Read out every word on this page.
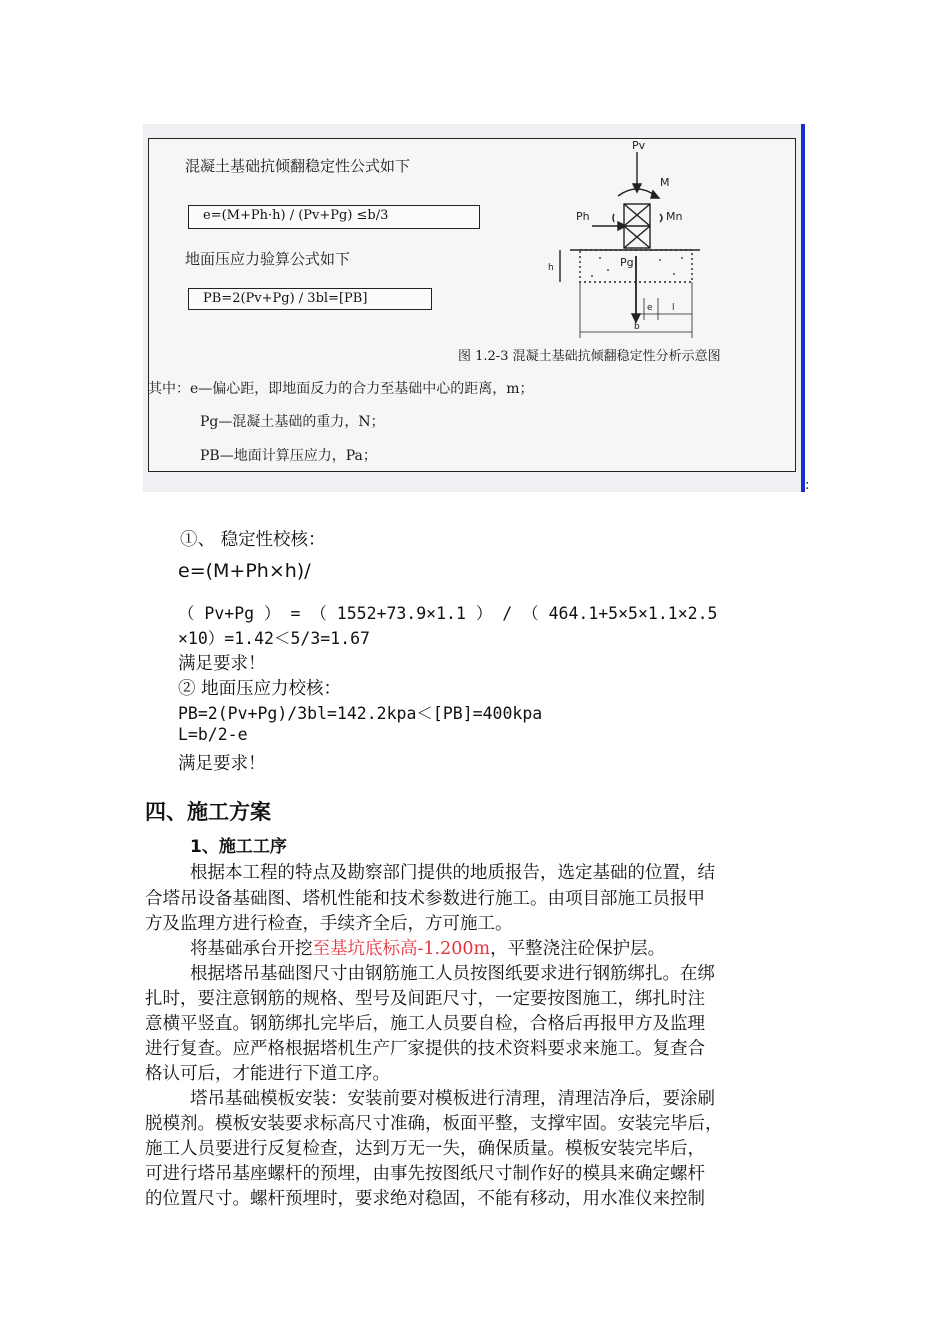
混凝土基础抗倾翻稳定性公式如下
e=(M+Ph·h) / (Pv+Pg) ≤b/3
地面压应力验算公式如下
PB=2(Pv+Pg) / 3bl=[PB]
Pv
M
Ph	Mn
Pg
h
e l
b
图 1.2-3 混凝土基础抗倾翻稳定性分析示意图
其中：e—偏心距，即地面反力的合力至基础中心的距离，m；
Pg—混凝土基础的重力，N；
PB—地面计算压应力，Pa；
:
①、 稳定性校核：
e=(M+Ph×h)/
（ Pv+Pg ） = （ 1552+73.9×1.1 ） / （ 464.1+5×5×1.1×2.5
×10）=1.42＜5/3=1.67
满足要求！
② 地面压应力校核：
PB=2(Pv+Pg)/3bl=142.2kpa＜[PB]=400kpa
L=b/2-e
满足要求！
四、施工方案
1、施工工序
根据本工程的特点及勘察部门提供的地质报告，选定基础的位置，结
合塔吊设备基础图、塔机性能和技术参数进行施工。由项目部施工员报甲
方及监理方进行检查，手续齐全后，方可施工。
将基础承台开挖至基坑底标高-1.200m，平整浇注砼保护层。
根据塔吊基础图尺寸由钢筋施工人员按图纸要求进行钢筋绑扎。在绑
扎时，要注意钢筋的规格、型号及间距尺寸，一定要按图施工，绑扎时注
意横平竖直。钢筋绑扎完毕后，施工人员要自检，合格后再报甲方及监理
进行复查。应严格根据塔机生产厂家提供的技术资料要求来施工。复查合
格认可后，才能进行下道工序。
塔吊基础模板安装：安装前要对模板进行清理，清理洁净后，要涂刷
脱模剂。模板安装要求标高尺寸准确，板面平整，支撑牢固。安装完毕后，
施工人员要进行反复检查，达到万无一失，确保质量。模板安装完毕后，
可进行塔吊基座螺杆的预埋，由事先按图纸尺寸制作好的模具来确定螺杆
的位置尺寸。螺杆预埋时，要求绝对稳固，不能有移动，用水准仪来控制
